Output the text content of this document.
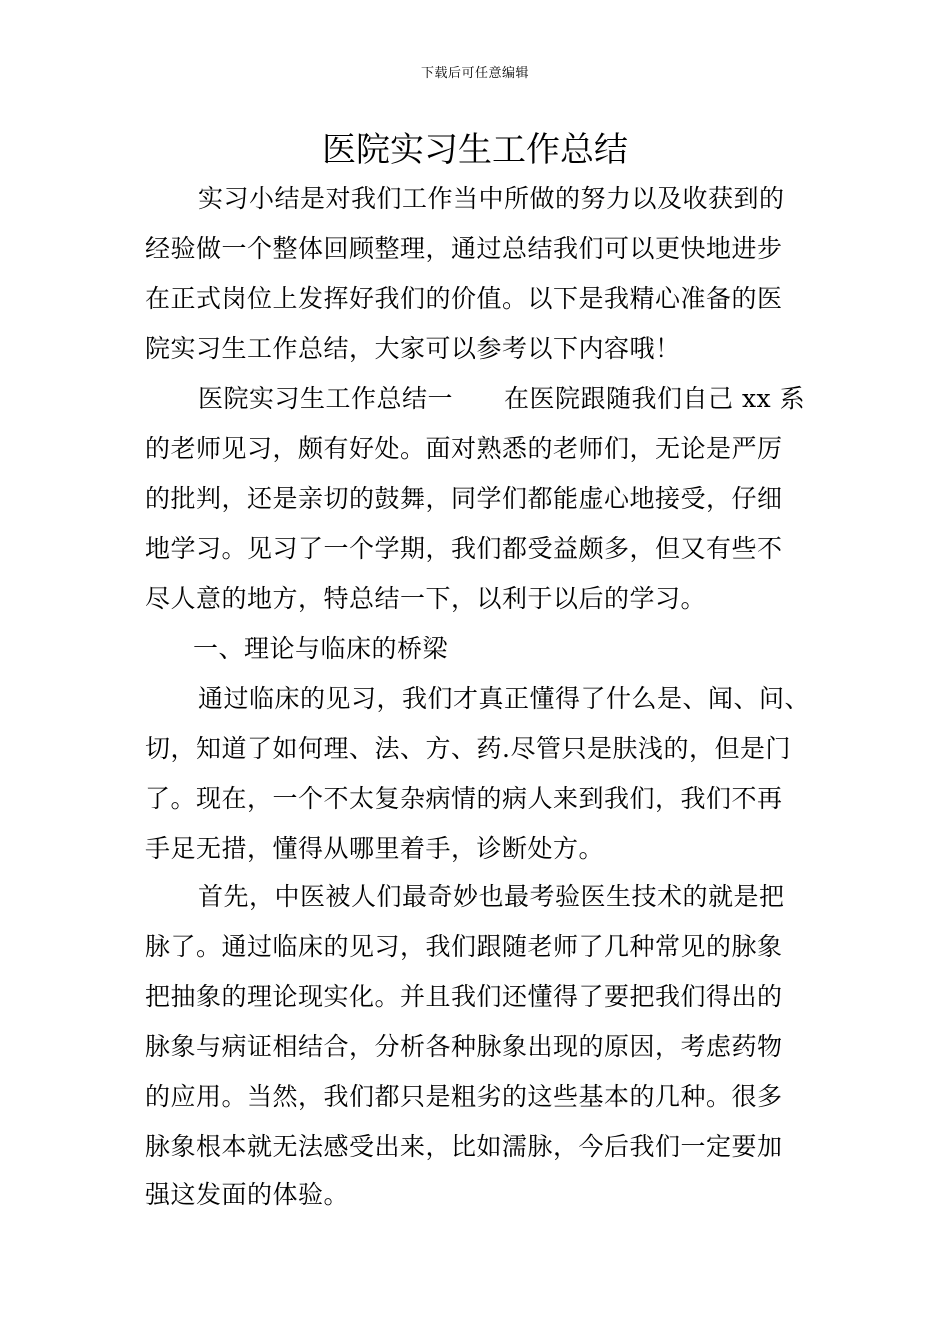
下载后可任意编辑
医院实习生工作总结
实习小结是对我们工作当中所做的努力以及收获到的
经验做一个整体回顾整理，通过总结我们可以更快地进步
在正式岗位上发挥好我们的价值。以下是我精心准备的医
院实习生工作总结，大家可以参考以下内容哦！
医院实习生工作总结一　　在医院跟随我们自己 xx 系
的老师见习，颇有好处。面对熟悉的老师们，无论是严厉
的批判，还是亲切的鼓舞，同学们都能虚心地接受，仔细
地学习。见习了一个学期，我们都受益颇多，但又有些不
尽人意的地方，特总结一下，以利于以后的学习。
一、理论与临床的桥梁
通过临床的见习，我们才真正懂得了什么是、闻、问、
切，知道了如何理、法、方、药.尽管只是肤浅的，但是门
了。现在，一个不太复杂病情的病人来到我们，我们不再
手足无措，懂得从哪里着手，诊断处方。
首先，中医被人们最奇妙也最考验医生技术的就是把
脉了。通过临床的见习，我们跟随老师了几种常见的脉象
把抽象的理论现实化。并且我们还懂得了要把我们得出的
脉象与病证相结合，分析各种脉象出现的原因，考虑药物
的应用。当然，我们都只是粗劣的这些基本的几种。很多
脉象根本就无法感受出来，比如濡脉，今后我们一定要加
强这发面的体验。
